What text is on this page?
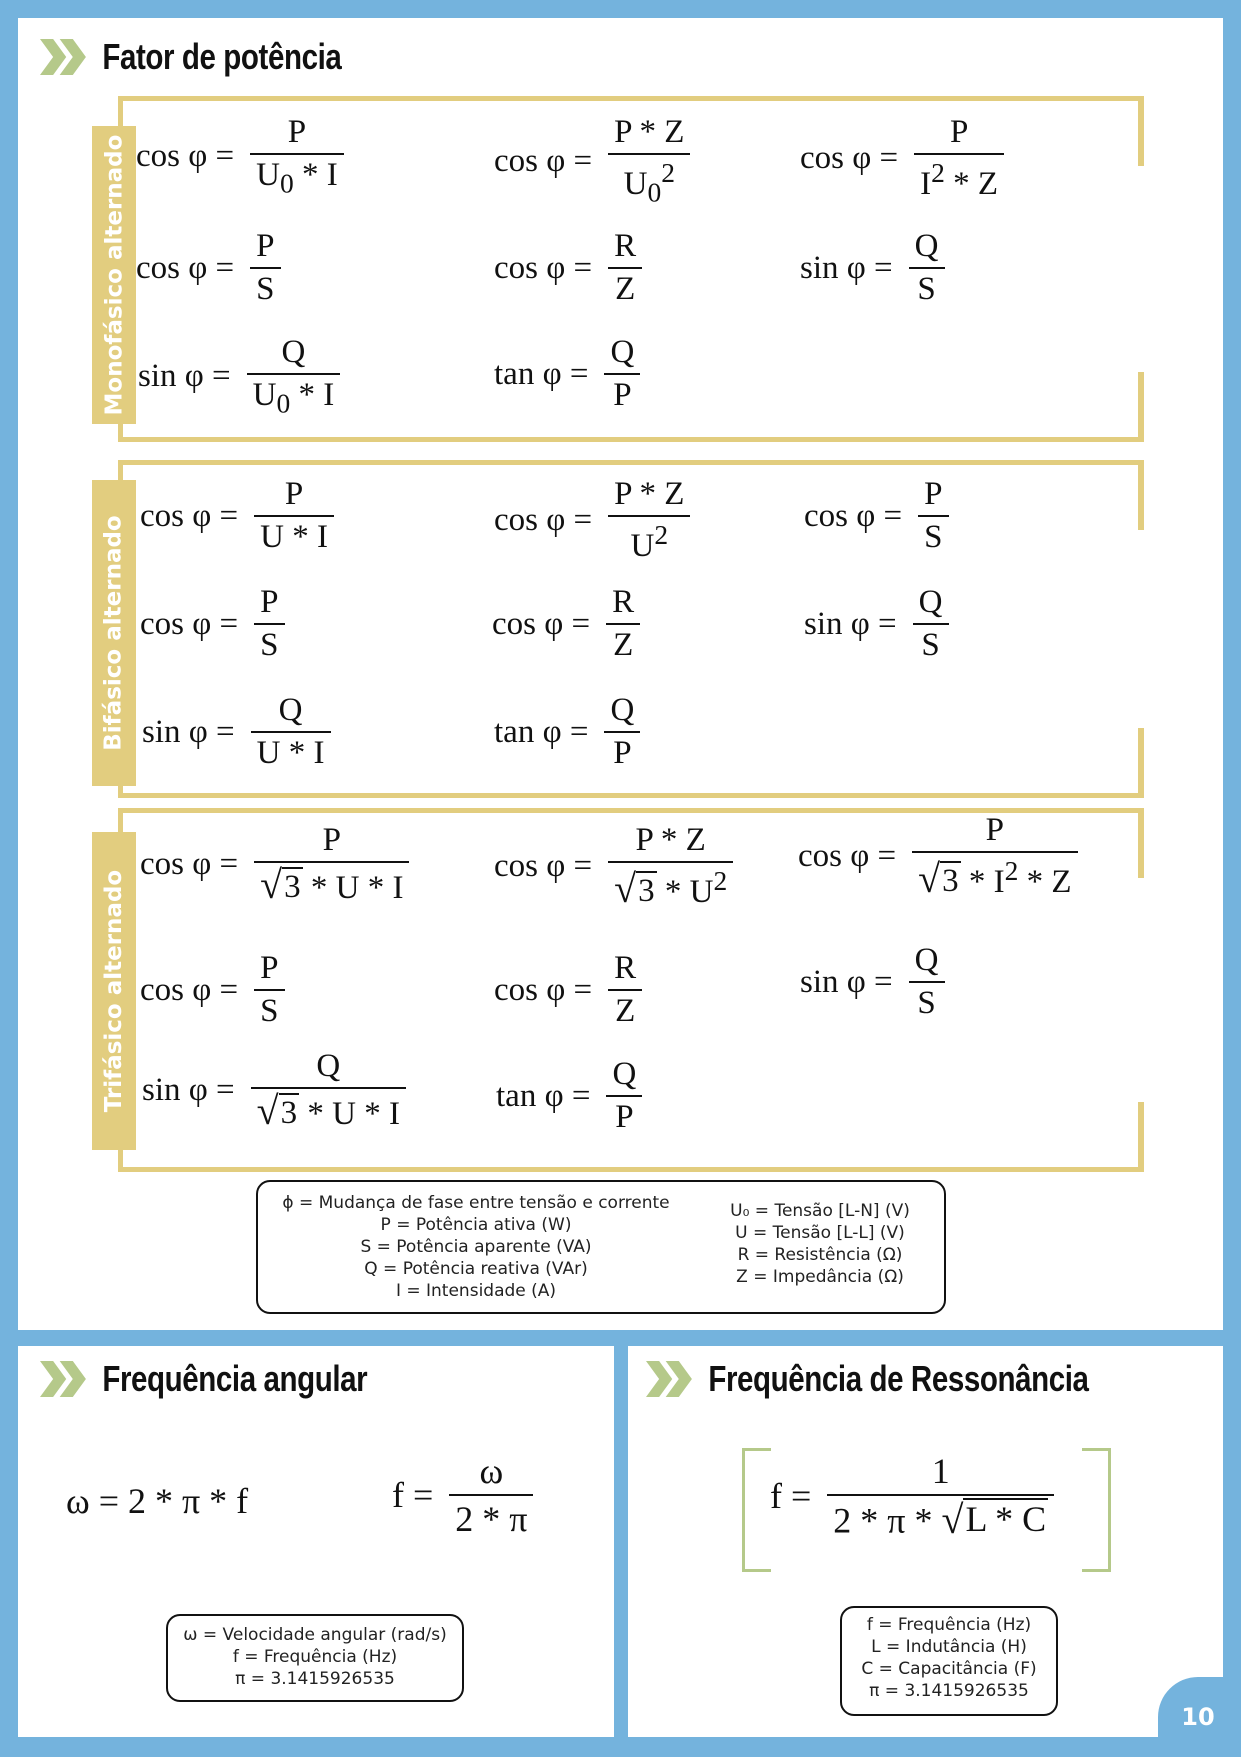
Fator de potência
Monofásico alternado $\cos \varphi = \frac{P}{U_0 * I}$	$\cos \varphi = \frac{P * Z}{U_0^2}$	$\cos \varphi = \frac{P}{I^2 * Z}$
$\cos \varphi = \frac{P}{S}$	$\cos \varphi = \frac{R}{Z}$	$\sin \varphi = \frac{Q}{S}$
$\sin \varphi = \frac{Q}{U_0 * I}$	$\tan \varphi = \frac{Q}{P}$
Bifásico alternado $\cos \varphi = \frac{P}{U * I}$	$\cos \varphi = \frac{P * Z}{U^2}$	$\cos \varphi = \frac{P}{S}$
$\cos \varphi = \frac{P}{S}$	$\cos \varphi = \frac{R}{Z}$	$\sin \varphi = \frac{Q}{S}$
$\sin \varphi = \frac{Q}{U * I}$	$\tan \varphi = \frac{Q}{P}$
Trifásico alternado
$\cos \varphi = \frac{P}{√ 3 * U * I}$	$\cos \varphi = \frac{P * Z}{√ 3 * U^2}$ $\cos \varphi = \frac{P}{√ 3 * I^2 * Z}$
$\cos \varphi = \frac{P}{S}$	$\cos \varphi = \frac{R}{Z}$	$\sin \varphi = \frac{Q}{S}$
$\sin \varphi = \frac{Q}{√ 3 * U * I}$	$\tan \varphi = \frac{Q}{P}$
ϕ = Mudança de fase entre tensão e corrente
P = Potência ativa (W)
S = Potência aparente (VA)
Q = Potência reativa (VAr)
I = Intensidade (A)
U₀ = Tensão [L-N] (V)
U = Tensão [L-L] (V)
R = Resistência (Ω)
Z = Impedância (Ω)
Frequência angular
ω = 2 * π * f	$f = \frac{\omega}{2 * \pi}$
ω = Velocidade angular (rad/s)
f = Frequência (Hz)
π = 3.1415926535
Frequência de Ressonância
$f = \frac{1}{2 * \pi * √ L * C}$
f = Frequência (Hz)
L = Indutância (H)
C = Capacitância (F)
π = 3.1415926535
10
